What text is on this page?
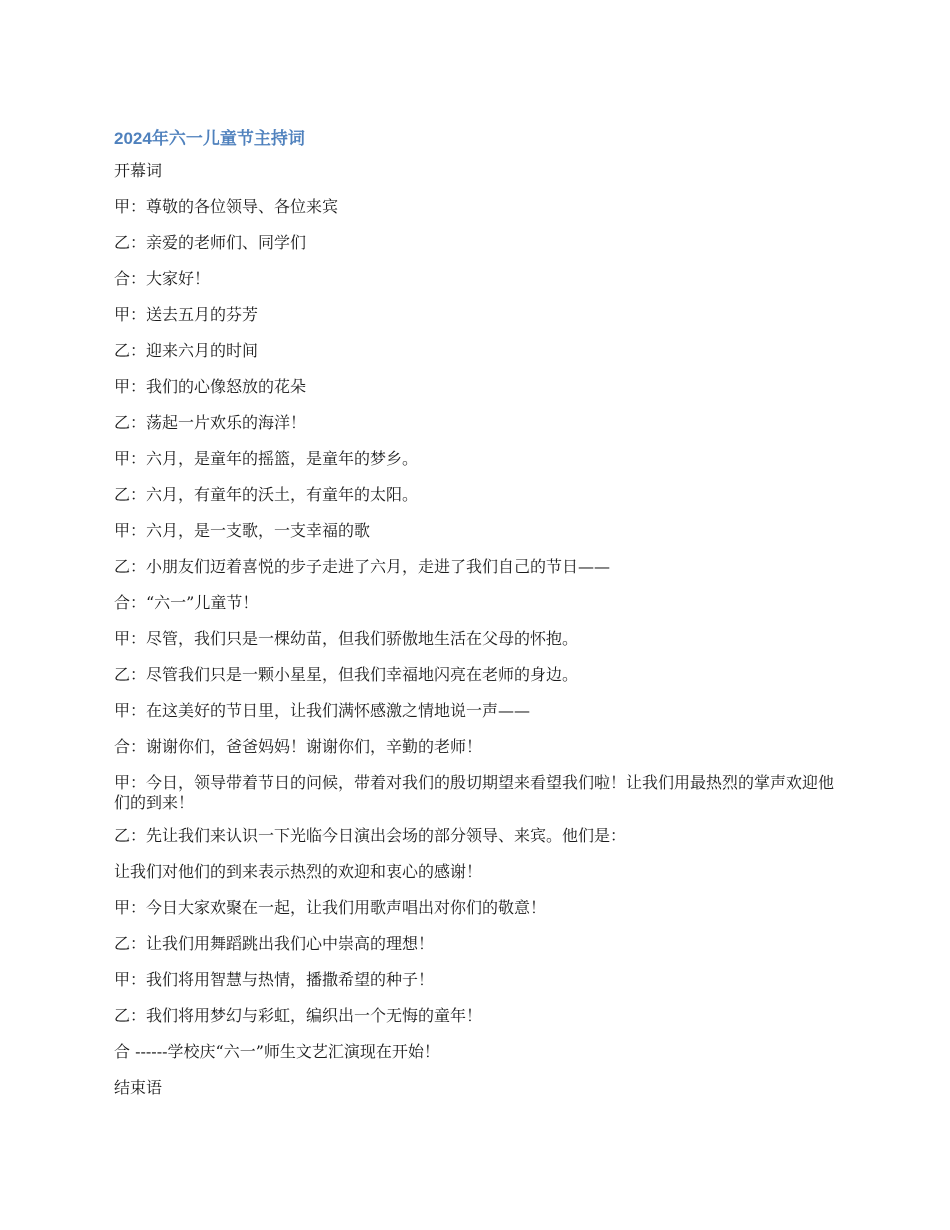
2024年六一儿童节主持词

开幕词

甲：尊敬的各位领导、各位来宾

乙：亲爱的老师们、同学们

合：大家好！

甲：送去五月的芬芳

乙：迎来六月的时间

甲：我们的心像怒放的花朵

乙：荡起一片欢乐的海洋！

甲：六月，是童年的摇篮，是童年的梦乡。

乙：六月，有童年的沃土，有童年的太阳。

甲：六月，是一支歌，一支幸福的歌

乙：小朋友们迈着喜悦的步子走进了六月，走进了我们自己的节日——

合：“六一”儿童节！

甲：尽管，我们只是一棵幼苗，但我们骄傲地生活在父母的怀抱。

乙：尽管我们只是一颗小星星，但我们幸福地闪亮在老师的身边。

甲：在这美好的节日里，让我们满怀感激之情地说一声——

合：谢谢你们，爸爸妈妈！谢谢你们，辛勤的老师！

甲：今日，领导带着节日的问候，带着对我们的殷切期望来看望我们啦！让我们用最热烈的掌声欢迎他们的到来！

乙：先让我们来认识一下光临今日演出会场的部分领导、来宾。他们是：

让我们对他们的到来表示热烈的欢迎和衷心的感谢！

甲：今日大家欢聚在一起，让我们用歌声唱出对你们的敬意！

乙：让我们用舞蹈跳出我们心中崇高的理想！

甲：我们将用智慧与热情，播撒希望的种子！

乙：我们将用梦幻与彩虹，编织出一个无悔的童年！

合 ------学校庆“六一”师生文艺汇演现在开始！

结束语
